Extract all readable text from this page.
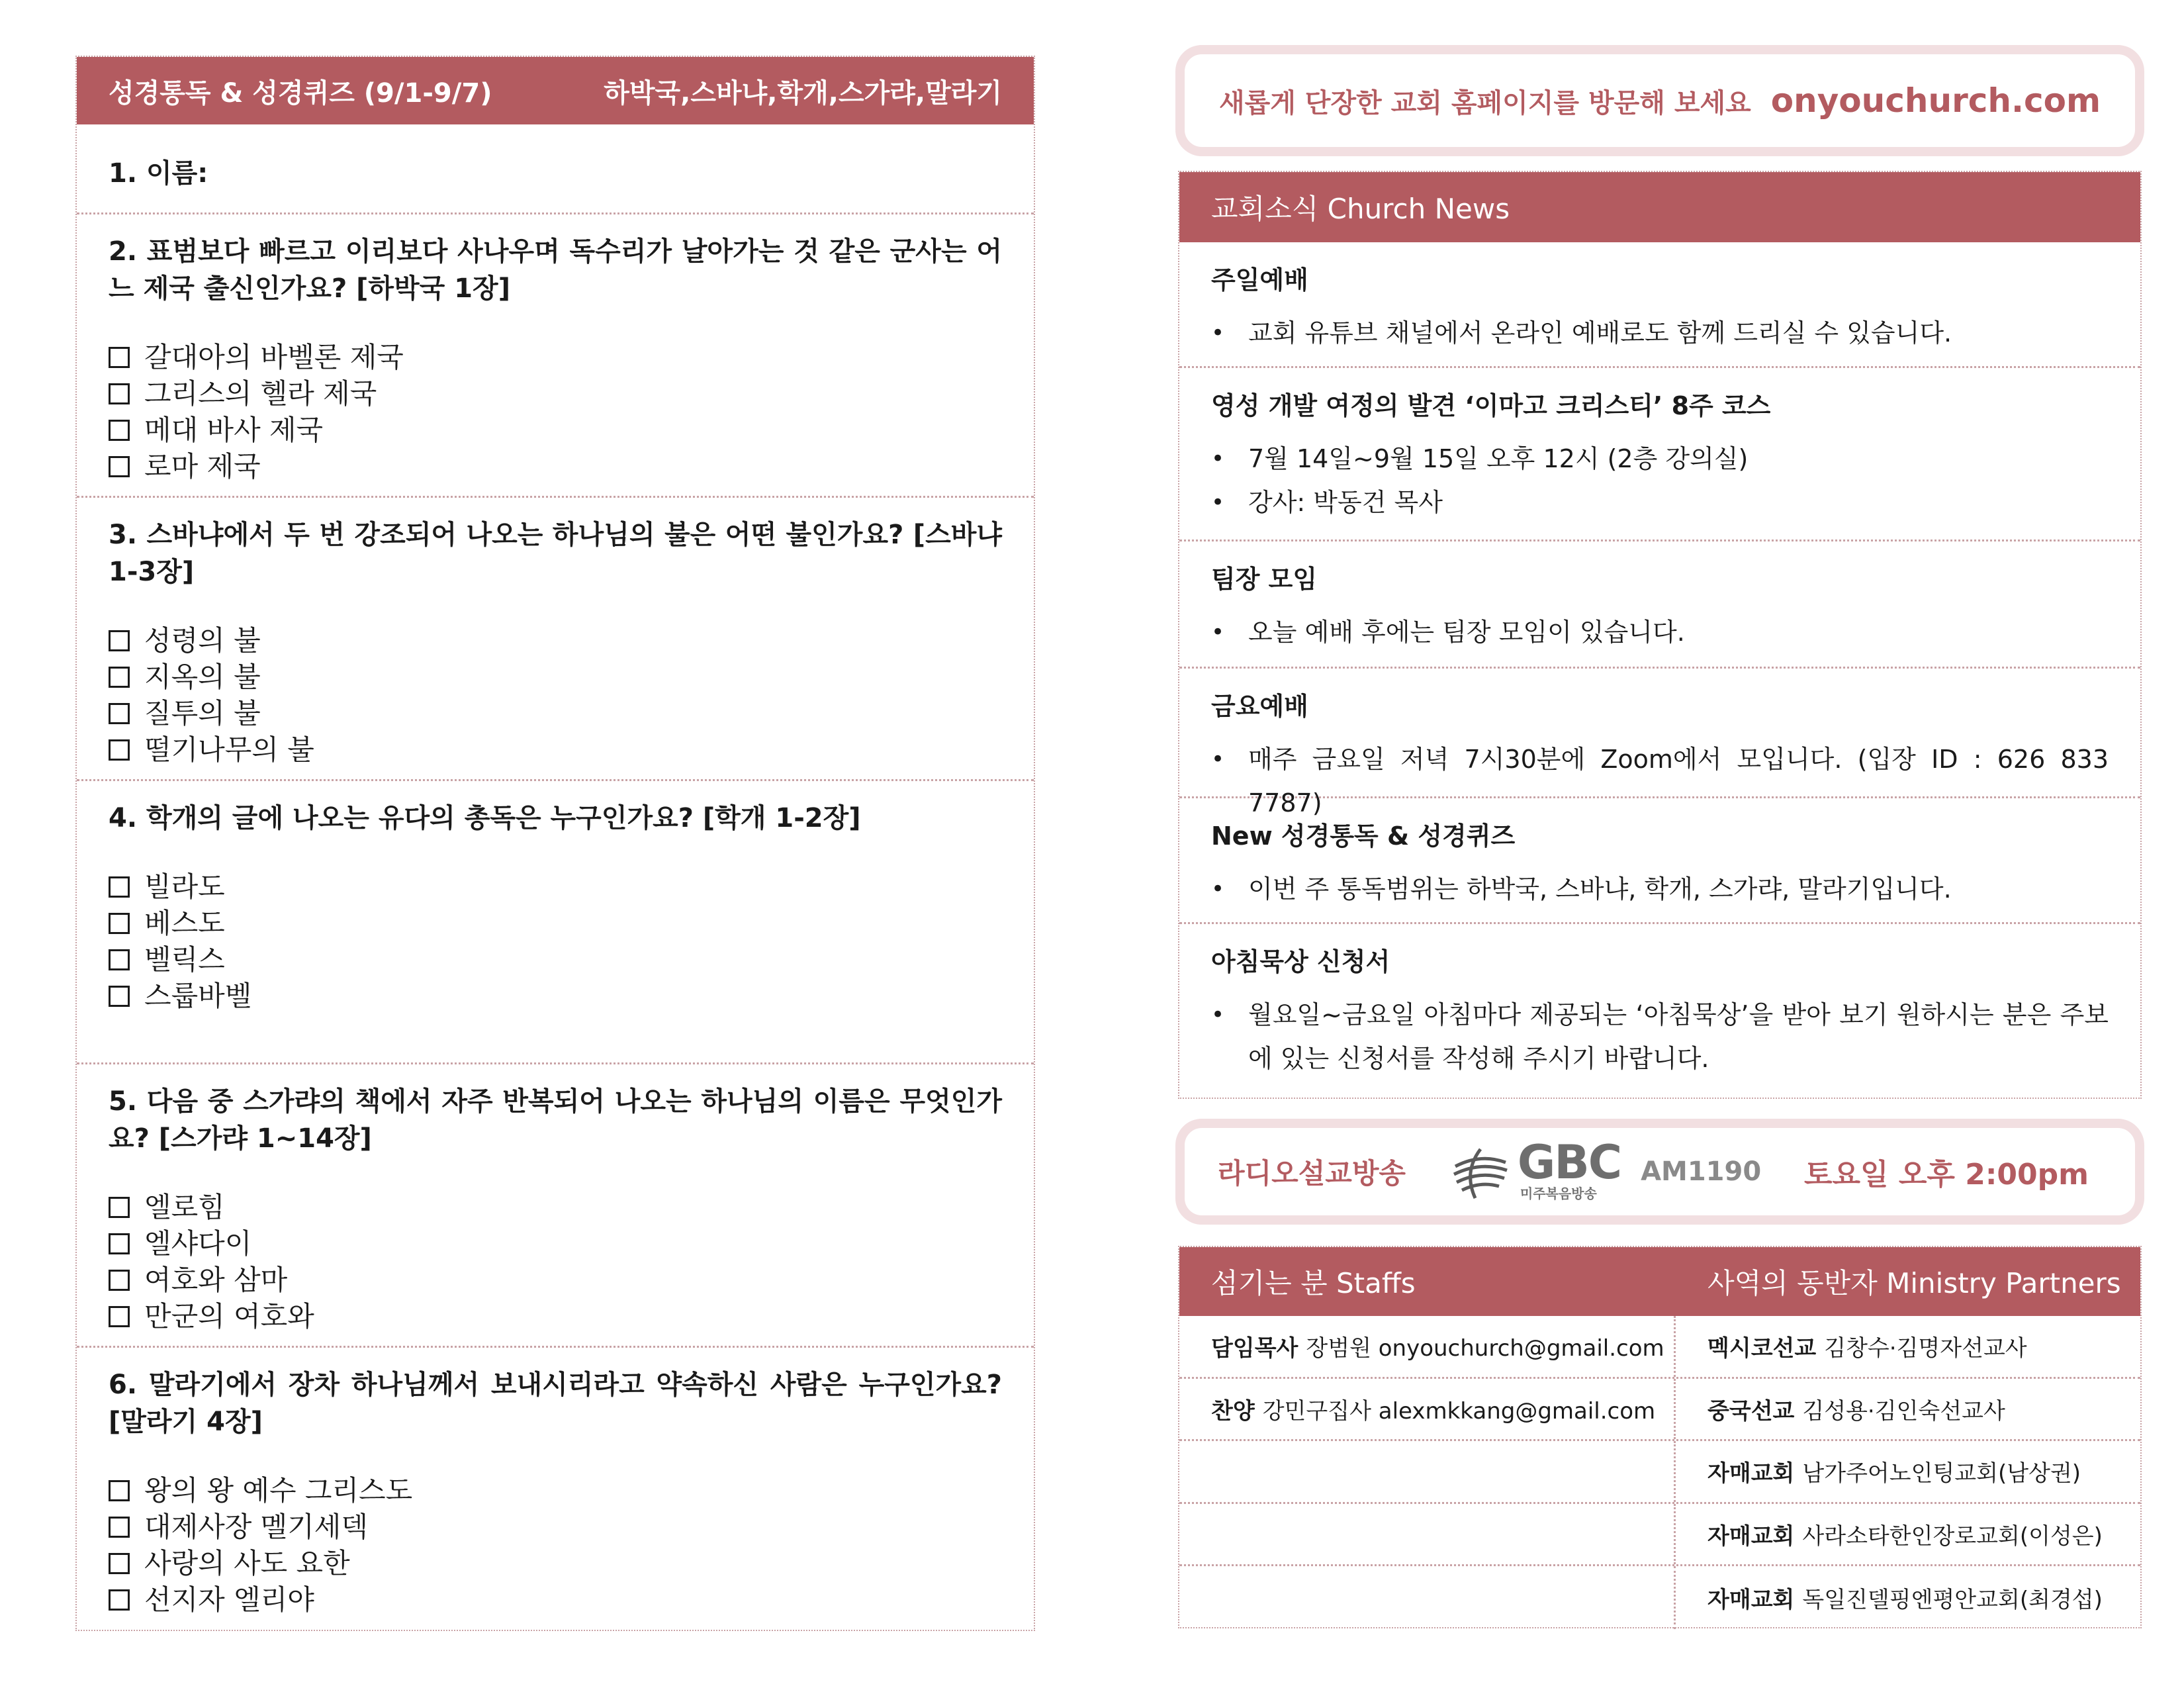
성경통독 & 성경퀴즈 (9/1-9/7)	하박국,스바냐,학개,스가랴,말라기
1. 이름:
2. 표범보다 빠르고 이리보다 사나우며 독수리가 날아가는 것 같은 군사는 어느 제국 출신인가요? [하박국 1장]
갈대아의 바벨론 제국
그리스의 헬라 제국
메대 바사 제국
로마 제국
3. 스바냐에서 두 번 강조되어 나오는 하나님의 불은 어떤 불인가요? [스바냐 1-3장]
성령의 불
지옥의 불
질투의 불
떨기나무의 불
4. 학개의 글에 나오는 유다의 총독은 누구인가요? [학개 1-2장]
빌라도
베스도
벨릭스
스룹바벨
5. 다음 중 스가랴의 책에서 자주 반복되어 나오는 하나님의 이름은 무엇인가요? [스가랴 1~14장]
엘로힘
엘샤다이
여호와 삼마
만군의 여호와
6. 말라기에서 장차 하나님께서 보내시리라고 약속하신 사람은 누구인가요? [말라기 4장]
왕의 왕 예수 그리스도
대제사장 멜기세덱
사랑의 사도 요한
선지자 엘리야
새롭게 단장한 교회 홈페이지를 방문해 보세요 onyouchurch.com
교회소식 Church News
주일예배
• 교회 유튜브 채널에서 온라인 예배로도 함께 드리실 수 있습니다.
영성 개발 여정의 발견 ‘이마고 크리스티’ 8주 코스
• 7월 14일~9월 15일 오후 12시 (2층 강의실)
• 강사: 박동건 목사
팀장 모임
• 오늘 예배 후에는 팀장 모임이 있습니다.
금요예배
• 매주 금요일 저녁 7시30분에 Zoom에서 모입니다. (입장 ID : 626 833 7787)
New 성경통독 & 성경퀴즈
• 이번 주 통독범위는 하박국, 스바냐, 학개, 스가랴, 말라기입니다.
아침묵상 신청서
• 월요일~금요일 아침마다 제공되는 ‘아침묵상’을 받아 보기 원하시는 분은 주보에 있는 신청서를 작성해 주시기 바랍니다.
라디오설교방송 GBC
미주복음방송
AM1190 토요일 오후 2:00pm
섬기는 분 Staffs	사역의 동반자 Ministry Partners
담임목사 장범원 onyouchurch@gmail.com 멕시코선교 김창수·김명자선교사
찬양 강민구집사 alexmkkang@gmail.com 중국선교 김성용·김인숙선교사
자매교회 남가주어노인팅교회(남상권)
자매교회 사라소타한인장로교회(이성은)
자매교회 독일진델핑엔평안교회(최경섭)
